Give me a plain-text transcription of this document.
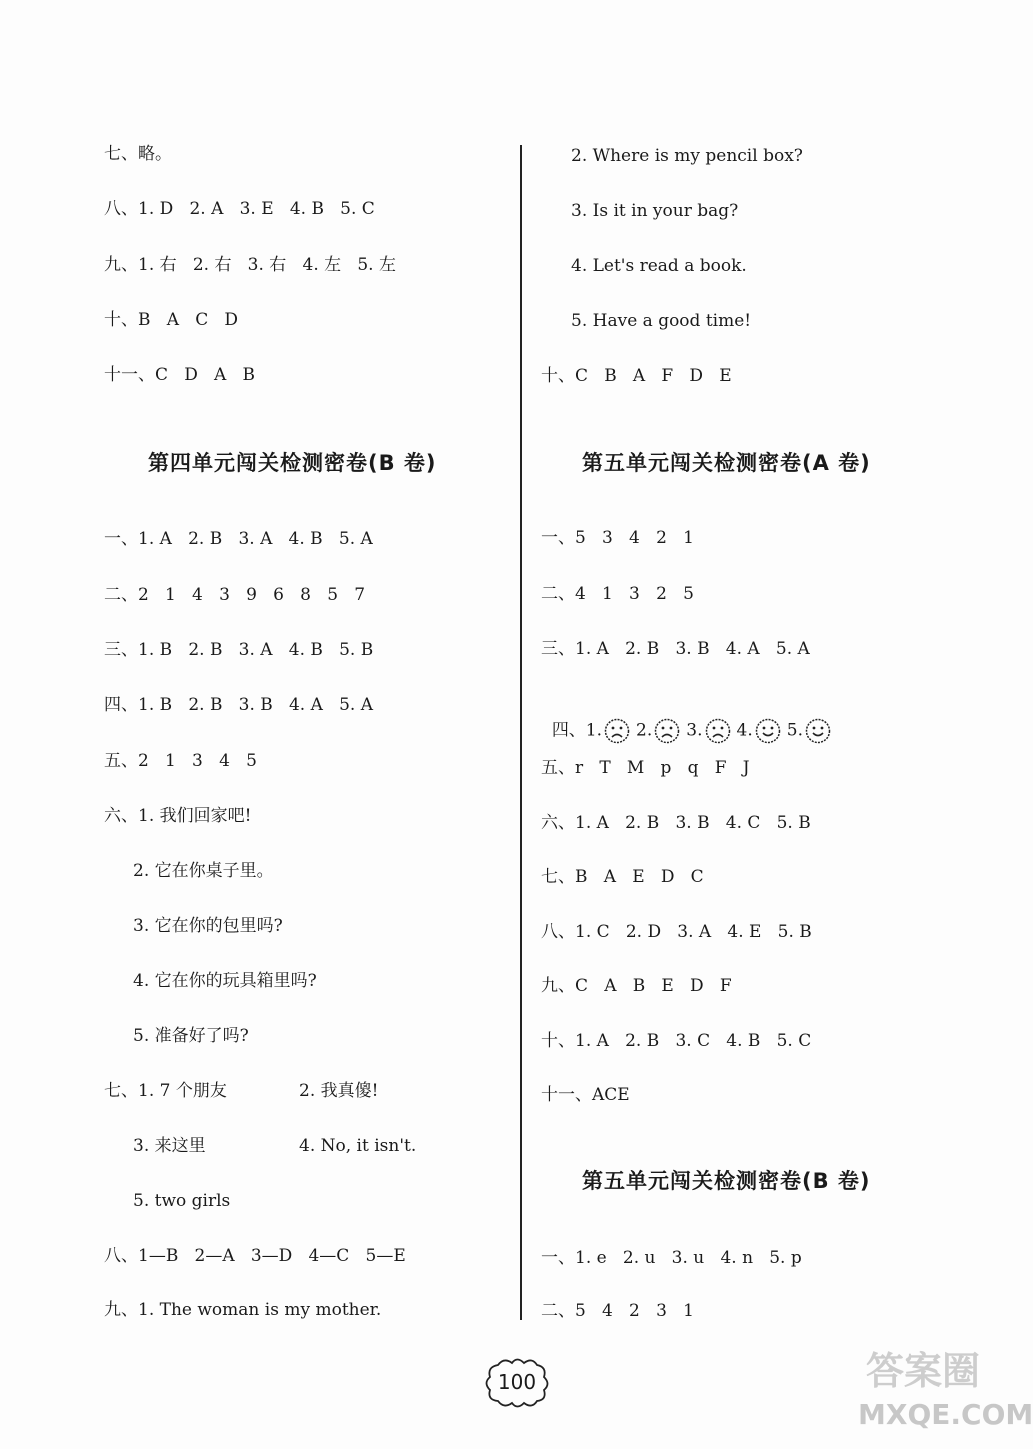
七、略。
八、1. D   2. A   3. E   4. B   5. C
九、1. 右   2. 右   3. 右   4. 左   5. 左
十、B   A   C   D
十一、C   D   A   B
第四单元闯关检测密卷(B 卷)
一、1. A   2. B   3. A   4. B   5. A
二、2   1   4   3   9   6   8   5   7
三、1. B   2. B   3. A   4. B   5. B
四、1. B   2. B   3. B   4. A   5. A
五、2   1   3   4   5
六、1. 我们回家吧!
2. 它在你桌子里。
3. 它在你的包里吗?
4. 它在你的玩具箱里吗?
5. 准备好了吗?
七、1. 7 个朋友	2. 我真傻!
3. 来这里	4. No, it isn't.
5. two girls
八、1—B   2—A   3—D   4—C   5—E
九、1. The woman is my mother.
2. Where is my pencil box?
3. Is it in your bag?
4. Let's read a book.
5. Have a good time!
十、C   B   A   F   D   E
第五单元闯关检测密卷(A 卷)
一、5   3   4   2   1
二、4   1   3   2   5
三、1. A   2. B   3. B   4. A   5. A

四、1. 2. 3. 4. 5.

五、r   T   M   p   q   F   J
六、1. A   2. B   3. B   4. C   5. B
七、B   A   E   D   C
八、1. C   2. D   3. A   4. E   5. B
九、C   A   B   E   D   F
十、1. A   2. B   3. C   4. B   5. C
十一、ACE
第五单元闯关检测密卷(B 卷)
一、1. e   2. u   3. u   4. n   5. p
二、5   4   2   3   1
100	答案圈
MXQE.COM
